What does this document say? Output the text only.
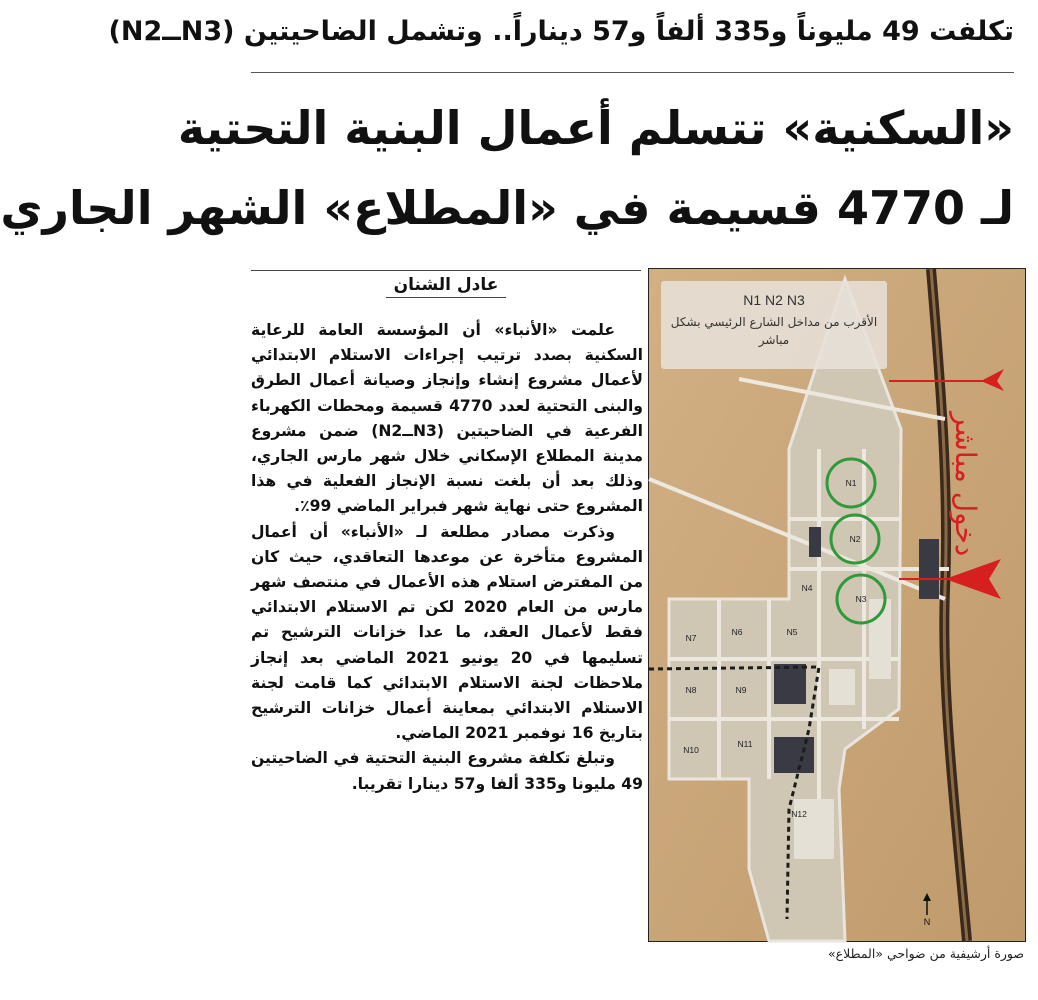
تكلفت 49 مليوناً و335 ألفاً و57 ديناراً.. وتشمل الضاحيتين (N3ــN2)
«السكنية» تتسلم أعمال البنية التحتية
لـ 4770 قسيمة في «المطلاع» الشهر الجاري
عادل الشنان

علمت «الأنباء» أن المؤسسة العامة للرعاية السكنية بصدد ترتيب إجراءات الاستلام الابتدائي لأعمال مشروع إنشاء وإنجاز وصيانة أعمال الطرق والبنى التحتية لعدد 4770 قسيمة ومحطات الكهرباء الفرعية في الضاحيتين (N3ــN2) ضمن مشروع مدينة المطلاع الإسكاني خلال شهر مارس الجاري، وذلك بعد أن بلغت نسبة الإنجاز الفعلية في هذا المشروع حتى نهاية شهر فبراير الماضي 99٪.

وذكرت مصادر مطلعة لـ «الأنباء» أن أعمال المشروع متأخرة عن موعدها التعاقدي، حيث كان من المفترض استلام هذه الأعمال في منتصف شهر مارس من العام 2020 لكن تم الاستلام الابتدائي فقط لأعمال العقد، ما عدا خزانات الترشيح تم تسليمها في 20 يونيو 2021 الماضي بعد إنجاز ملاحظات لجنة الاستلام الابتدائي كما قامت لجنة الاستلام الابتدائي بمعاينة أعمال خزانات الترشيح بتاريخ 16 نوفمبر 2021 الماضي.

وتبلغ تكلفة مشروع البنية التحتية في الضاحيتين 49 مليونا و335 ألفا و57 دينارا تقريبا.

N1 N2 N3
الأقرب من مداخل الشارع الرئيسي بشكل مباشر
N1
N2
N3
N4
N5
N6
N7
N8	N9
N10
N11
N12
دخول مباشر
N
صورة أرشيفية من ضواحي «المطلاع»
